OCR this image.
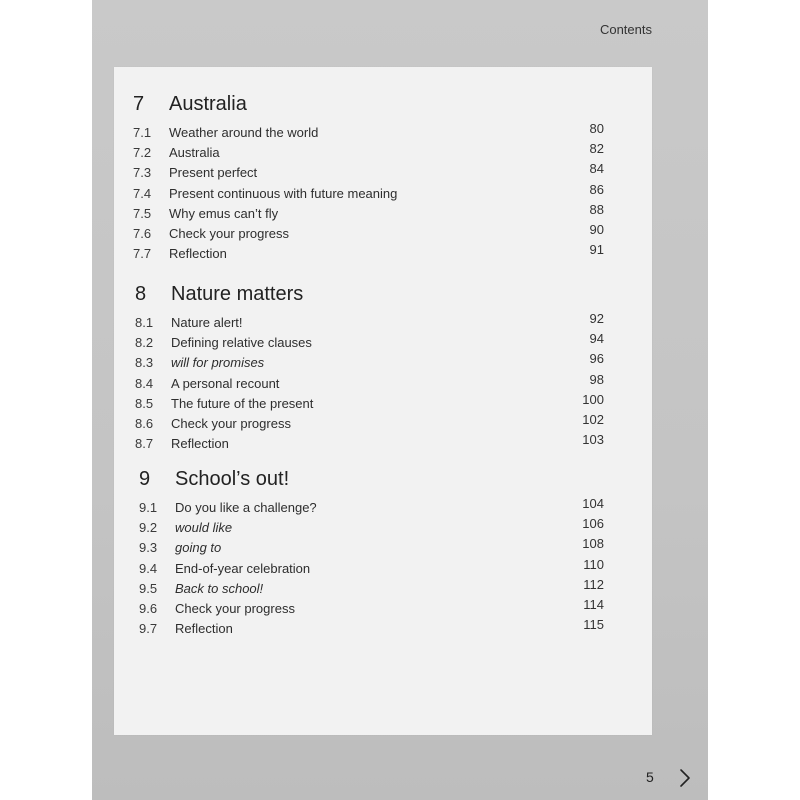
Contents
7	Australia
7.1 Weather around the world	80
7.2 Australia	82
7.3 Present perfect	84
7.4 Present continuous with future meaning	86
7.5 Why emus can’t fly	88
7.6 Check your progress	90
7.7 Reflection	91
8	Nature matters
8.1 Nature alert!	92
8.2 Defining relative clauses	94
8.3 will for promises	96
8.4 A personal recount	98
8.5 The future of the present	100
8.6 Check your progress	102
8.7 Reflection	103
9	School’s out!
9.1 Do you like a challenge?	104
9.2 would like	106
9.3 going to	108
9.4 End-of-year celebration	110
9.5 Back to school!	112
9.6 Check your progress	114
9.7 Reflection	115
5
